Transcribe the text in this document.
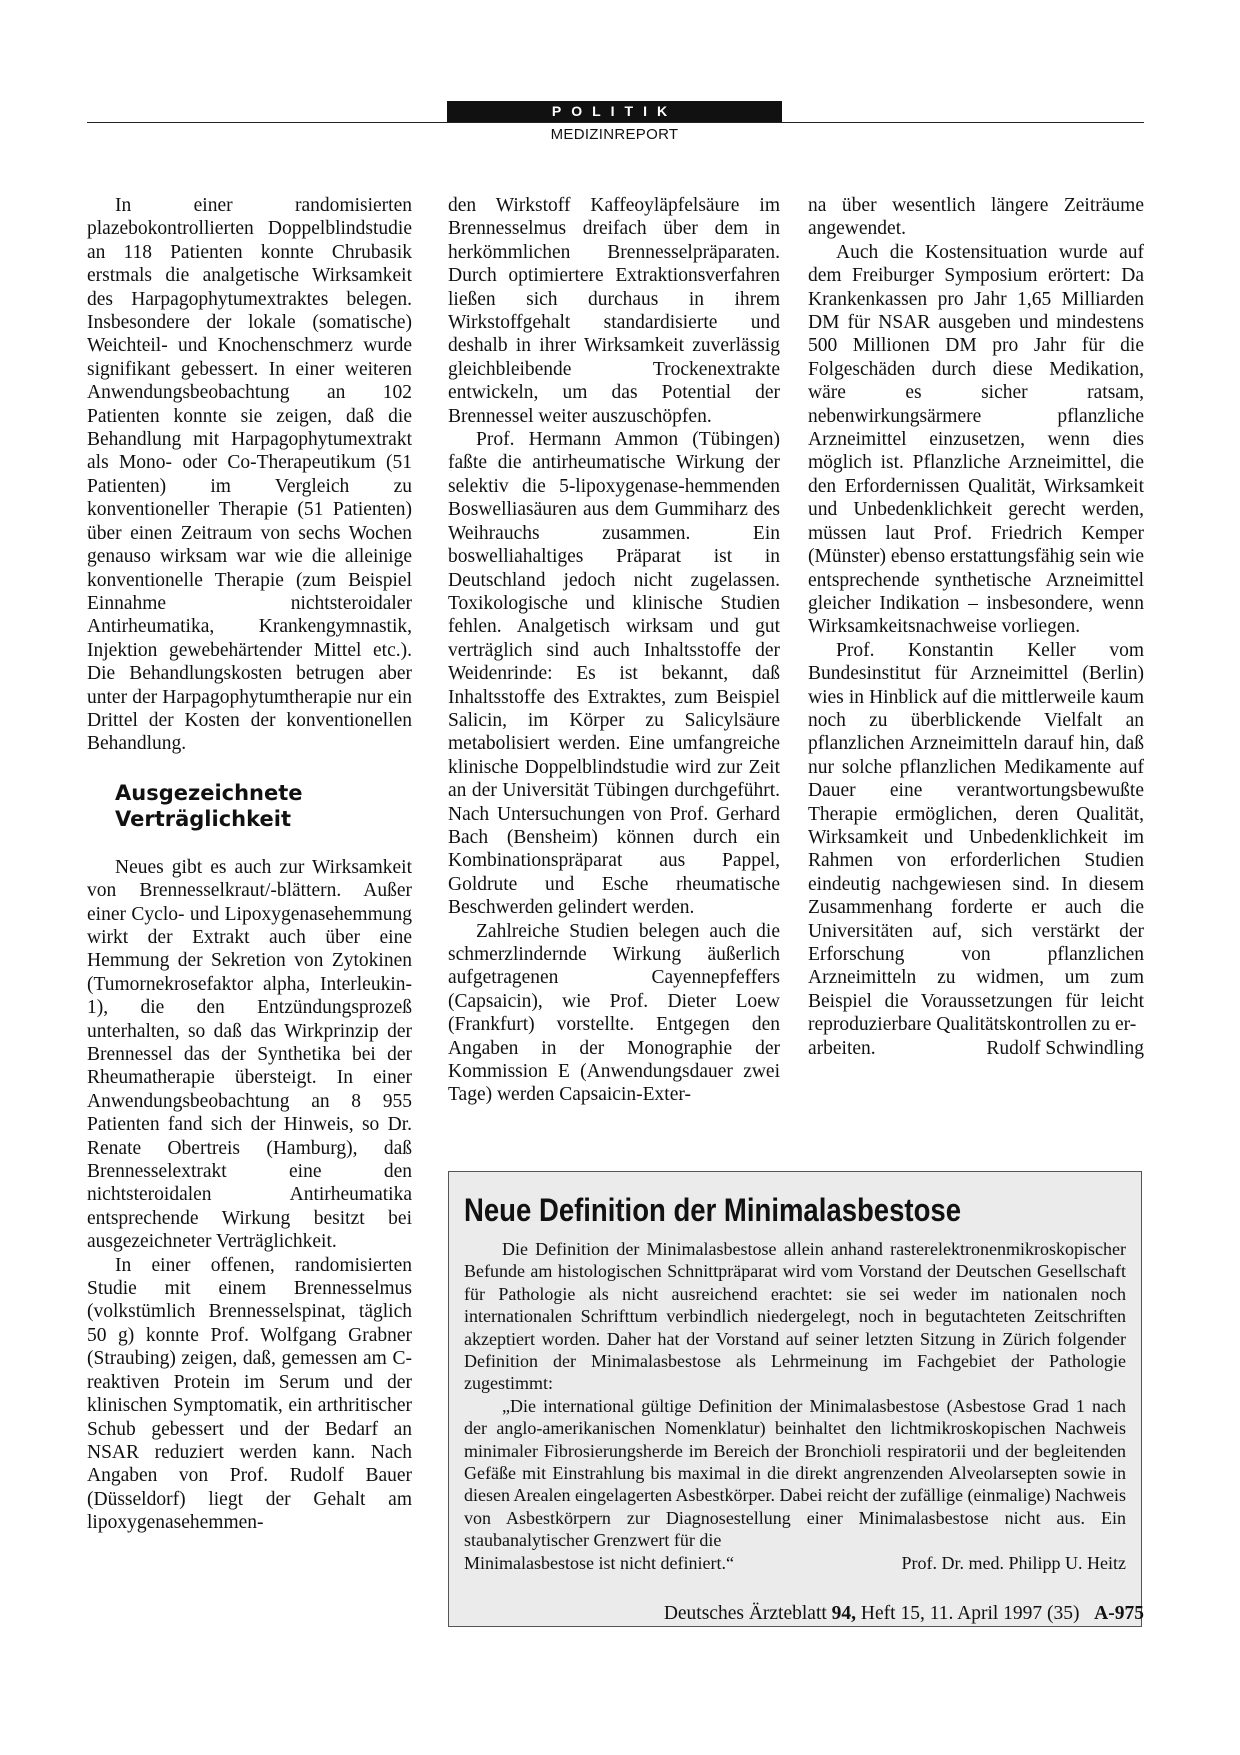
POLITIK
MEDIZINREPORT

In einer randomisierten plazebokontrollierten Doppelblindstudie an 118 Patienten konnte Chrubasik erstmals die analgetische Wirksamkeit des Harpagophytumextraktes belegen. Insbesondere der lokale (somatische) Weichteil- und Knochenschmerz wurde signifikant gebessert. In einer weiteren Anwendungsbeobachtung an 102 Patienten konnte sie zeigen, daß die Behandlung mit Harpagophytumextrakt als Mono- oder Co-Therapeutikum (51 Patienten) im Vergleich zu konventioneller Therapie (51 Patienten) über einen Zeitraum von sechs Wochen genauso wirksam war wie die alleinige konventionelle Therapie (zum Beispiel Einnahme nichtsteroidaler Antirheumatika, Krankengymnastik, Injektion gewebehärtender Mittel etc.). Die Behandlungskosten betrugen aber unter der Harpagophytumtherapie nur ein Drittel der Kosten der konventionellen Behandlung.

Ausgezeichnete
Verträglichkeit

Neues gibt es auch zur Wirksamkeit von Brennesselkraut/-blättern. Außer einer Cyclo- und Lipoxygenasehemmung wirkt der Extrakt auch über eine Hemmung der Sekretion von Zytokinen (Tumornekrosefaktor alpha, Interleukin-1), die den Entzündungsprozeß unterhalten, so daß das Wirkprinzip der Brennessel das der Synthetika bei der Rheumatherapie übersteigt. In einer Anwendungsbeobachtung an 8 955 Patienten fand sich der Hinweis, so Dr. Renate Obertreis (Hamburg), daß Brennesselextrakt eine den nichtsteroidalen Antirheumatika entsprechende Wirkung besitzt bei ausgezeichneter Verträglichkeit.

In einer offenen, randomisierten Studie mit einem Brennesselmus (volkstümlich Brennesselspinat, täglich 50 g) konnte Prof. Wolfgang Grabner (Straubing) zeigen, daß, gemessen am C-reaktiven Protein im Serum und der klinischen Symptomatik, ein arthritischer Schub gebessert und der Bedarf an NSAR reduziert werden kann. Nach Angaben von Prof. Rudolf Bauer (Düsseldorf) liegt der Gehalt am lipoxygenasehemmen-

den Wirkstoff Kaffeoyläpfelsäure im Brennesselmus dreifach über dem in herkömmlichen Brennesselpräparaten. Durch optimiertere Extraktionsverfahren ließen sich durchaus in ihrem Wirkstoffgehalt standardisierte und deshalb in ihrer Wirksamkeit zuverlässig gleichbleibende Trockenextrakte entwickeln, um das Potential der Brennessel weiter auszuschöpfen.

Prof. Hermann Ammon (Tübingen) faßte die antirheumatische Wirkung der selektiv die 5-lipoxygenase-hemmenden Boswelliasäuren aus dem Gummiharz des Weihrauchs zusammen. Ein boswelliahaltiges Präparat ist in Deutschland jedoch nicht zugelassen. Toxikologische und klinische Studien fehlen. Analgetisch wirksam und gut verträglich sind auch Inhaltsstoffe der Weidenrinde: Es ist bekannt, daß Inhaltsstoffe des Extraktes, zum Beispiel Salicin, im Körper zu Salicylsäure metabolisiert werden. Eine umfangreiche klinische Doppelblindstudie wird zur Zeit an der Universität Tübingen durchgeführt. Nach Untersuchungen von Prof. Gerhard Bach (Bensheim) können durch ein Kombinationspräparat aus Pappel, Goldrute und Esche rheumatische Beschwerden gelindert werden.

Zahlreiche Studien belegen auch die schmerzlindernde Wirkung äußerlich aufgetragenen Cayennepfeffers (Capsaicin), wie Prof. Dieter Loew (Frankfurt) vorstellte. Entgegen den Angaben in der Monographie der Kommission E (Anwendungsdauer zwei Tage) werden Capsaicin-Exter-

na über wesentlich längere Zeiträume angewendet.

Auch die Kostensituation wurde auf dem Freiburger Symposium erörtert: Da Krankenkassen pro Jahr 1,65 Milliarden DM für NSAR ausgeben und mindestens 500 Millionen DM pro Jahr für die Folgeschäden durch diese Medikation, wäre es sicher ratsam, nebenwirkungsärmere pflanzliche Arzneimittel einzusetzen, wenn dies möglich ist. Pflanzliche Arzneimittel, die den Erfordernissen Qualität, Wirksamkeit und Unbedenklichkeit gerecht werden, müssen laut Prof. Friedrich Kemper (Münster) ebenso erstattungsfähig sein wie entsprechende synthetische Arzneimittel gleicher Indikation – insbesondere, wenn Wirksamkeitsnachweise vorliegen.

Prof. Konstantin Keller vom Bundesinstitut für Arzneimittel (Berlin) wies in Hinblick auf die mittlerweile kaum noch zu überblickende Vielfalt an pflanzlichen Arzneimitteln darauf hin, daß nur solche pflanzlichen Medikamente auf Dauer eine verantwortungsbewußte Therapie ermöglichen, deren Qualität, Wirksamkeit und Unbedenklichkeit im Rahmen von erforderlichen Studien eindeutig nachgewiesen sind. In diesem Zusammenhang forderte er auch die Universitäten auf, sich verstärkt der Erforschung von pflanzlichen Arzneimitteln zu widmen, um zum Beispiel die Voraussetzungen für leicht reproduzierbare Qualitätskontrollen zu er-

arbeiten.	Rudolf Schwindling

Neue Definition der Minimalasbestose

Die Definition der Minimalasbestose allein anhand rasterelektronenmikroskopischer Befunde am histologischen Schnittpräparat wird vom Vorstand der Deutschen Gesellschaft für Pathologie als nicht ausreichend erachtet: sie sei weder im nationalen noch internationalen Schrifttum verbindlich niedergelegt, noch in begutachteten Zeitschriften akzeptiert worden. Daher hat der Vorstand auf seiner letzten Sitzung in Zürich folgender Definition der Minimalasbestose als Lehrmeinung im Fachgebiet der Pathologie zugestimmt:

„Die international gültige Definition der Minimalasbestose (Asbestose Grad 1 nach der anglo-amerikanischen Nomenklatur) beinhaltet den lichtmikroskopischen Nachweis minimaler Fibrosierungsherde im Bereich der Bronchioli respiratorii und der begleitenden Gefäße mit Einstrahlung bis maximal in die direkt angrenzenden Alveolarsepten sowie in diesen Arealen eingelagerten Asbestkörper. Dabei reicht der zufällige (einmalige) Nachweis von Asbestkörpern zur Diagnosestellung einer Minimalasbestose nicht aus. Ein staubanalytischer Grenzwert für die

Minimalasbestose ist nicht definiert.“	Prof. Dr. med. Philipp U. Heitz

Deutsches Ärzteblatt 94, Heft 15, 11. April 1997 (35) A-975
